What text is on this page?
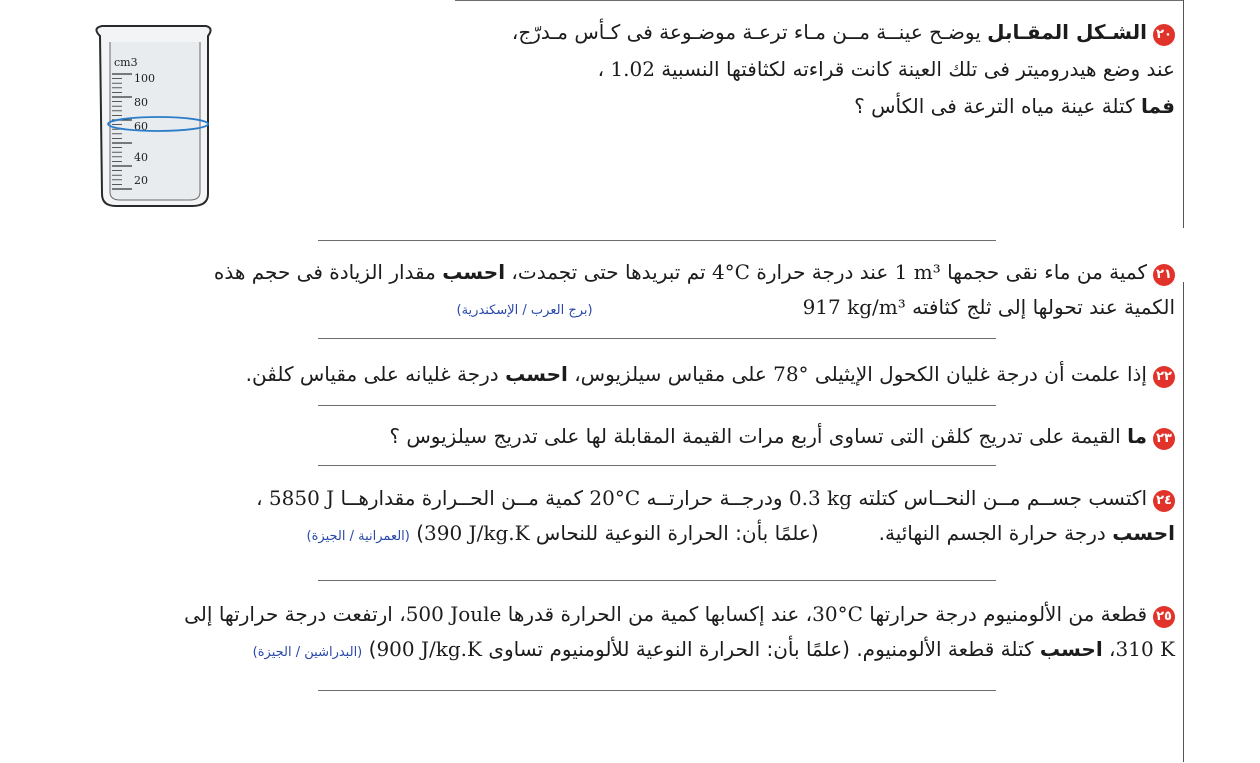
cm3
100
80
60
40
20
٢٠الشـكل المقـابل يوضـح عينــة مــن مـاء ترعـة موضـوعة فى كـأس مـدرّج،
عند وضع هيدروميتر فى تلك العينة كانت قراءته لكثافتها النسبية 1.02 ،
فما كتلة عينة مياه الترعة فى الكأس ؟
٢١كمية من ماء نقى حجمها 1 m³ عند درجة حرارة 4°C تم تبريدها حتى تجمدت، احسب مقدار الزيادة فى حجم هذه
الكمية عند تحولها إلى ثلج كثافته 917 kg/m³(برج العرب / الإسكندرية)
٢٢إذا علمت أن درجة غليان الكحول الإيثيلى 78° على مقياس سيلزيوس، احسب درجة غليانه على مقياس كلڤن.
٢٣ما القيمة على تدريج كلڤن التى تساوى أربع مرات القيمة المقابلة لها على تدريج سيلزيوس ؟
٢٤اكتسب جســم مــن النحــاس كتلته 0.3 kg ودرجــة حرارتــه 20°C كمية مــن الحــرارة مقدارهــا 5850 J ،
احسب درجة حرارة الجسم النهائية.(علمًا بأن: الحرارة النوعية للنحاس 390 J/kg.K) (العمرانية / الجيزة)
٢٥قطعة من الألومنيوم درجة حرارتها 30°C، عند إكسابها كمية من الحرارة قدرها 500 Joule، ارتفعت درجة حرارتها إلى
310 K، احسب كتلة قطعة الألومنيوم. (علمًا بأن: الحرارة النوعية للألومنيوم تساوى 900 J/kg.K) (البدراشين / الجيزة)
